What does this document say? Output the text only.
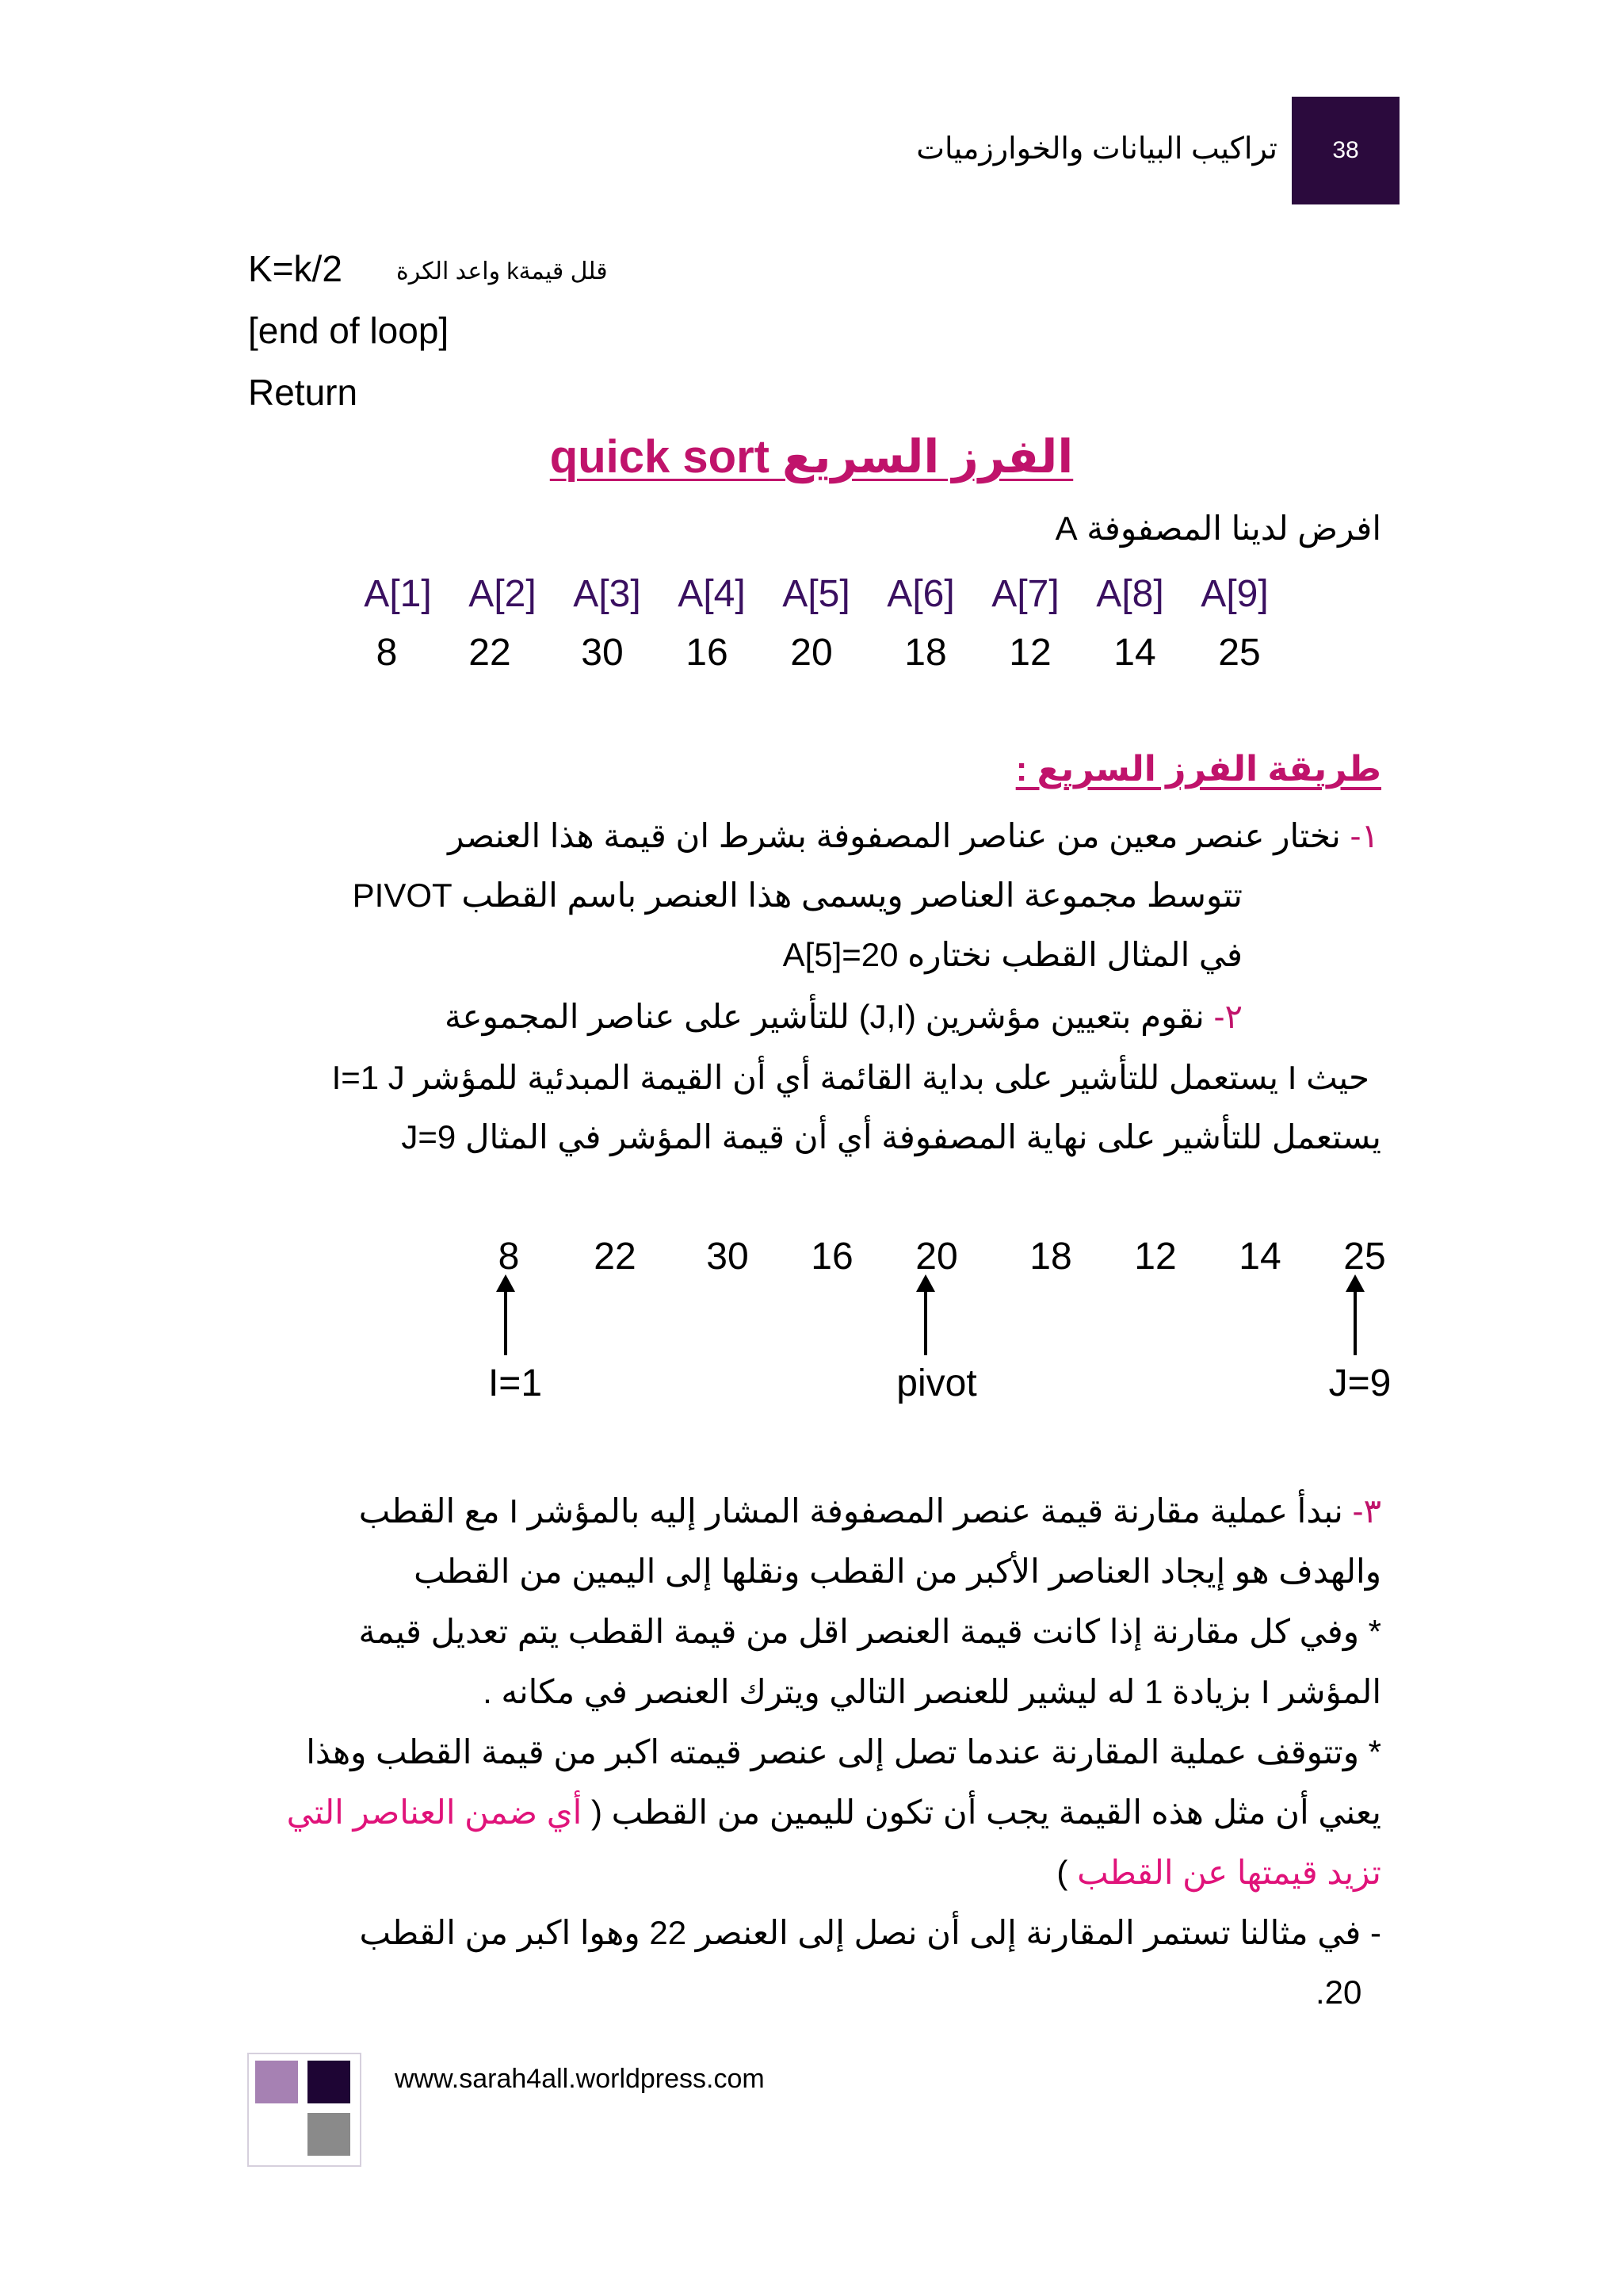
38
تراكيب البيانات والخوارزميات
K=k/2 قلل قيمةk واعد الكرة
[end of loop]
Return
الفرز السريع quick sort
افرض لدينا المصفوفة A
A[1] A[2] A[3] A[4] A[5] A[6] A[7] A[8] A[9]
8 22 30 16 20 18 12 14 25
طريقة الفرز السريع :
١- نختار عنصر معين من عناصر المصفوفة بشرط ان قيمة هذا العنصر
تتوسط مجموعة العناصر ويسمى هذا العنصر باسم القطب PIVOT
في المثال القطب نختاره A[5]=20
٢- نقوم بتعيين مؤشرين (J,I) للتأشير على عناصر المجموعة
حيث I يستعمل للتأشير على بداية القائمة أي أن القيمة المبدئية للمؤشر I=1 J
يستعمل للتأشير على نهاية المصفوفة أي أن قيمة المؤشر في المثال J=9
8 22 30 16 20 18 12 14 25
I=1	pivot	J=9
٣- نبدأ عملية مقارنة قيمة عنصر المصفوفة المشار إليه بالمؤشر I مع القطب
والهدف هو إيجاد العناصر الأكبر من القطب ونقلها إلى اليمين من القطب
* وفي كل مقارنة إذا كانت قيمة العنصر اقل من قيمة القطب يتم تعديل قيمة
المؤشر I بزيادة 1 له ليشير للعنصر التالي ويترك العنصر في مكانه .
* وتتوقف عملية المقارنة عندما تصل إلى عنصر قيمته اكبر من قيمة القطب وهذا
يعني أن مثل هذه القيمة يجب أن تكون لليمين من القطب ( أي ضمن العناصر التي
تزيد قيمتها عن القطب )
- في مثالنا تستمر المقارنة إلى أن نصل إلى العنصر 22 وهوا اكبر من القطب
.20
www.sarah4all.worldpress.com
